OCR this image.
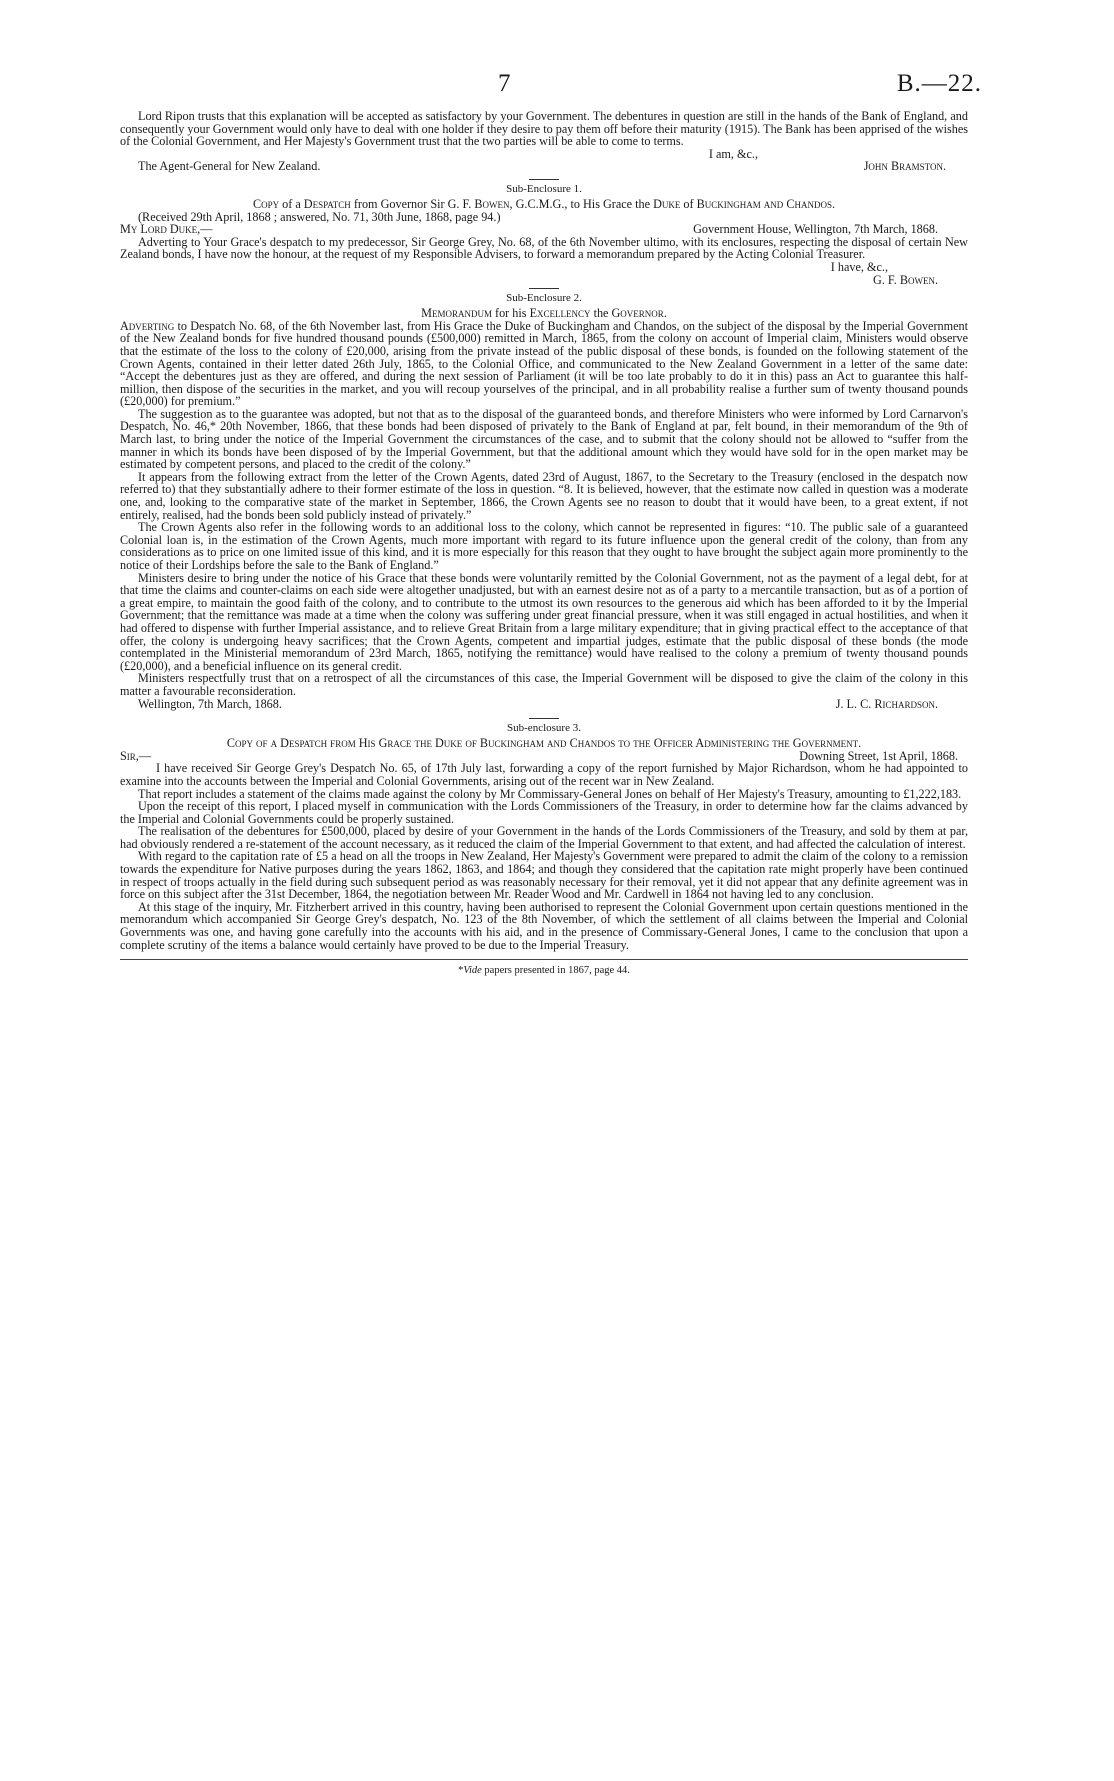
7	B.—22.

Lord Ripon trusts that this explanation will be accepted as satisfactory by your Government. The debentures in question are still in the hands of the Bank of England, and consequently your Government would only have to deal with one holder if they desire to pay them off before their maturity (1915). The Bank has been apprised of the wishes of the Colonial Government, and Her Majesty's Government trust that the two parties will be able to come to terms.

I am, &c.,
The Agent-General for New Zealand.	John Bramston.
Sub-Enclosure 1.
Copy of a Despatch from Governor Sir G. F. Bowen, G.C.M.G., to His Grace the Duke of Buckingham and Chandos.

(Received 29th April, 1868 ; answered, No. 71, 30th June, 1868, page 94.)

My Lord Duke,—	Government House, Wellington, 7th March, 1868.

Adverting to Your Grace's despatch to my predecessor, Sir George Grey, No. 68, of the 6th November ultimo, with its enclosures, respecting the disposal of certain New Zealand bonds, I have now the honour, at the request of my Responsible Advisers, to forward a memorandum prepared by the Acting Colonial Treasurer.

I have, &c.,
G. F. Bowen.
Sub-Enclosure 2.
Memorandum for his Excellency the Governor.

Adverting to Despatch No. 68, of the 6th November last, from His Grace the Duke of Buckingham and Chandos, on the subject of the disposal by the Imperial Government of the New Zealand bonds for five hundred thousand pounds (£500,000) remitted in March, 1865, from the colony on account of Imperial claim, Ministers would observe that the estimate of the loss to the colony of £20,000, arising from the private instead of the public disposal of these bonds, is founded on the following statement of the Crown Agents, contained in their letter dated 26th July, 1865, to the Colonial Office, and communicated to the New Zealand Government in a letter of the same date: “Accept the debentures just as they are offered, and during the next session of Parliament (it will be too late probably to do it in this) pass an Act to guarantee this half-million, then dispose of the securities in the market, and you will recoup yourselves of the principal, and in all probability realise a further sum of twenty thousand pounds (£20,000) for premium.”

The suggestion as to the guarantee was adopted, but not that as to the disposal of the guaranteed bonds, and therefore Ministers who were informed by Lord Carnarvon's Despatch, No. 46,* 20th November, 1866, that these bonds had been disposed of privately to the Bank of England at par, felt bound, in their memorandum of the 9th of March last, to bring under the notice of the Imperial Government the circumstances of the case, and to submit that the colony should not be allowed to “suffer from the manner in which its bonds have been disposed of by the Imperial Government, but that the additional amount which they would have sold for in the open market may be estimated by competent persons, and placed to the credit of the colony.”

It appears from the following extract from the letter of the Crown Agents, dated 23rd of August, 1867, to the Secretary to the Treasury (enclosed in the despatch now referred to) that they substantially adhere to their former estimate of the loss in question. “8. It is believed, however, that the estimate now called in question was a moderate one, and, looking to the comparative state of the market in September, 1866, the Crown Agents see no reason to doubt that it would have been, to a great extent, if not entirely, realised, had the bonds been sold publicly instead of privately.”

The Crown Agents also refer in the following words to an additional loss to the colony, which cannot be represented in figures: “10. The public sale of a guaranteed Colonial loan is, in the estimation of the Crown Agents, much more important with regard to its future influence upon the general credit of the colony, than from any considerations as to price on one limited issue of this kind, and it is more especially for this reason that they ought to have brought the subject again more prominently to the notice of their Lordships before the sale to the Bank of England.”

Ministers desire to bring under the notice of his Grace that these bonds were voluntarily remitted by the Colonial Government, not as the payment of a legal debt, for at that time the claims and counter-claims on each side were altogether unadjusted, but with an earnest desire not as of a party to a mercantile transaction, but as of a portion of a great empire, to maintain the good faith of the colony, and to contribute to the utmost its own resources to the generous aid which has been afforded to it by the Imperial Government; that the remittance was made at a time when the colony was suffering under great financial pressure, when it was still engaged in actual hostilities, and when it had offered to dispense with further Imperial assistance, and to relieve Great Britain from a large military expenditure; that in giving practical effect to the acceptance of that offer, the colony is undergoing heavy sacrifices; that the Crown Agents, competent and impartial judges, estimate that the public disposal of these bonds (the mode contemplated in the Ministerial memorandum of 23rd March, 1865, notifying the remittance) would have realised to the colony a premium of twenty thousand pounds (£20,000), and a beneficial influence on its general credit.

Ministers respectfully trust that on a retrospect of all the circumstances of this case, the Imperial Government will be disposed to give the claim of the colony in this matter a favourable reconsideration.

Wellington, 7th March, 1868.	J. L. C. Richardson.
Sub-enclosure 3.
Copy of a Despatch from His Grace the Duke of Buckingham and Chandos to the Officer Administering the Government.
Sir,—	Downing Street, 1st April, 1868.

I have received Sir George Grey's Despatch No. 65, of 17th July last, forwarding a copy of the report furnished by Major Richardson, whom he had appointed to examine into the accounts between the Imperial and Colonial Governments, arising out of the recent war in New Zealand.

That report includes a statement of the claims made against the colony by Mr Commissary-General Jones on behalf of Her Majesty's Treasury, amounting to £1,222,183.

Upon the receipt of this report, I placed myself in communication with the Lords Commissioners of the Treasury, in order to determine how far the claims advanced by the Imperial and Colonial Governments could be properly sustained.

The realisation of the debentures for £500,000, placed by desire of your Government in the hands of the Lords Commissioners of the Treasury, and sold by them at par, had obviously rendered a re-statement of the account necessary, as it reduced the claim of the Imperial Government to that extent, and had affected the calculation of interest.

With regard to the capitation rate of £5 a head on all the troops in New Zealand, Her Majesty's Government were prepared to admit the claim of the colony to a remission towards the expenditure for Native purposes during the years 1862, 1863, and 1864; and though they considered that the capitation rate might properly have been continued in respect of troops actually in the field during such subsequent period as was reasonably necessary for their removal, yet it did not appear that any definite agreement was in force on this subject after the 31st December, 1864, the negotiation between Mr. Reader Wood and Mr. Cardwell in 1864 not having led to any conclusion.

At this stage of the inquiry, Mr. Fitzherbert arrived in this country, having been authorised to represent the Colonial Government upon certain questions mentioned in the memorandum which accompanied Sir George Grey's despatch, No. 123 of the 8th November, of which the settlement of all claims between the Imperial and Colonial Governments was one, and having gone carefully into the accounts with his aid, and in the presence of Commissary-General Jones, I came to the conclusion that upon a complete scrutiny of the items a balance would certainly have proved to be due to the Imperial Treasury.

*Vide papers presented in 1867, page 44.
